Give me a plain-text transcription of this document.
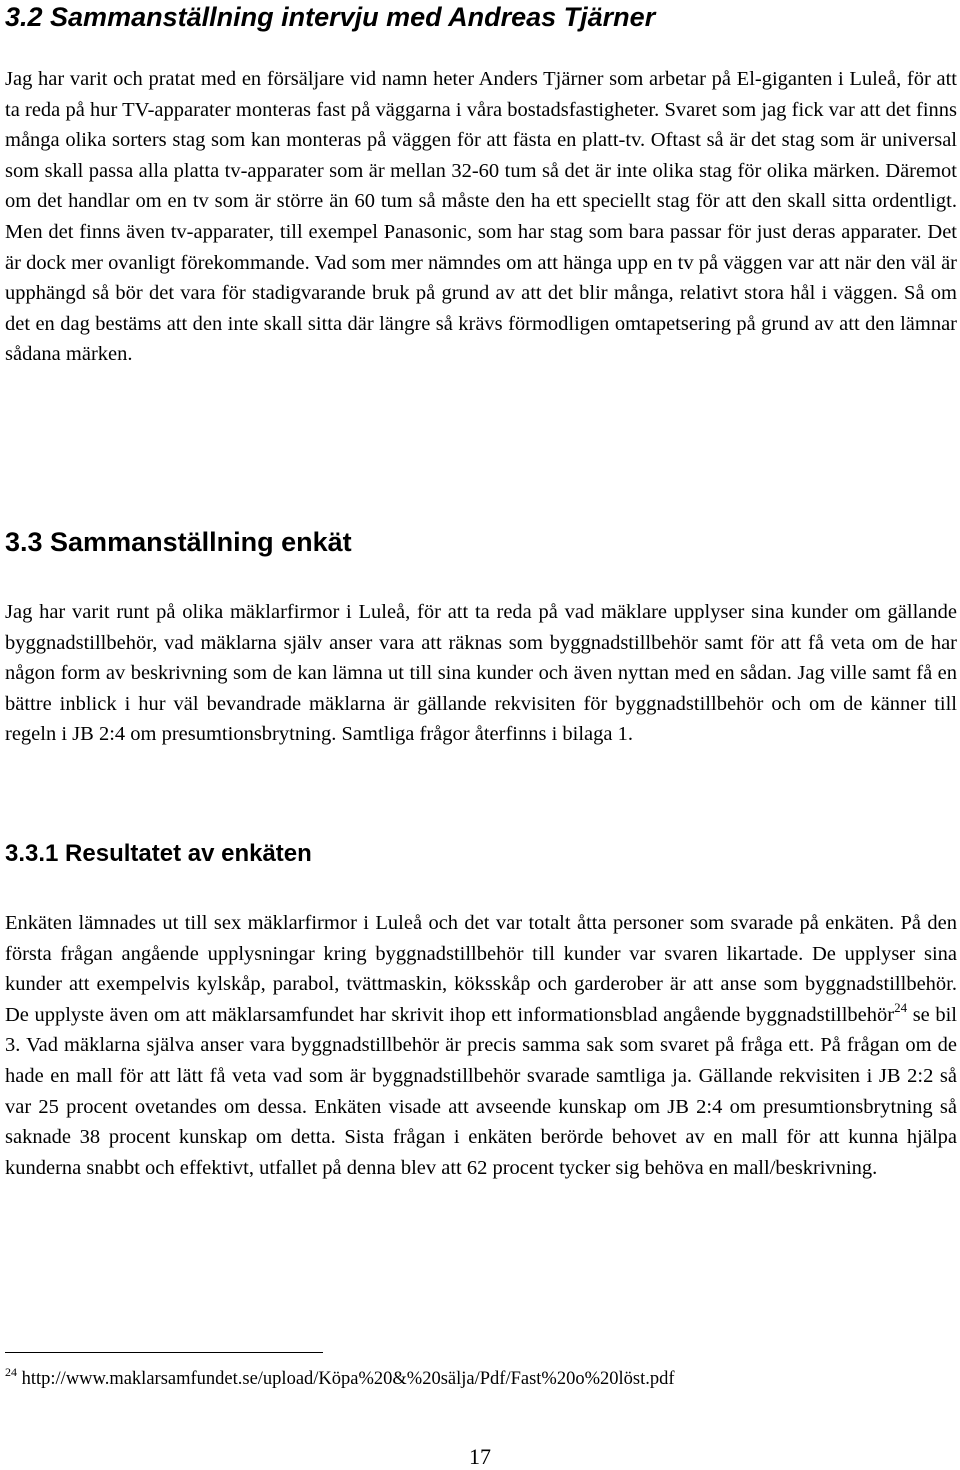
3.2 Sammanställning intervju med Andreas Tjärner

Jag har varit och pratat med en försäljare vid namn heter Anders Tjärner som arbetar på El-giganten i Luleå, för att ta reda på hur TV-apparater monteras fast på väggarna i våra bostadsfastigheter. Svaret som jag fick var att det finns många olika sorters stag som kan monteras på väggen för att fästa en platt-tv. Oftast så är det stag som är universal som skall passa alla platta tv-apparater som är mellan 32-60 tum så det är inte olika stag för olika märken. Däremot om det handlar om en tv som är större än 60 tum så måste den ha ett speciellt stag för att den skall sitta ordentligt. Men det finns även tv-apparater, till exempel Panasonic, som har stag som bara passar för just deras apparater. Det är dock mer ovanligt förekommande. Vad som mer nämndes om att hänga upp en tv på väggen var att när den väl är upphängd så bör det vara för stadigvarande bruk på grund av att det blir många, relativt stora hål i väggen. Så om det en dag bestäms att den inte skall sitta där längre så krävs förmodligen omtapetsering på grund av att den lämnar sådana märken.

3.3 Sammanställning enkät

Jag har varit runt på olika mäklarfirmor i Luleå, för att ta reda på vad mäklare upplyser sina kunder om gällande byggnadstillbehör, vad mäklarna själv anser vara att räknas som byggnadstillbehör samt för att få veta om de har någon form av beskrivning som de kan lämna ut till sina kunder och även nyttan med en sådan. Jag ville samt få en bättre inblick i hur väl bevandrade mäklarna är gällande rekvisiten för byggnadstillbehör och om de känner till regeln i JB 2:4 om presumtionsbrytning. Samtliga frågor återfinns i bilaga 1.

3.3.1 Resultatet av enkäten

Enkäten lämnades ut till sex mäklarfirmor i Luleå och det var totalt åtta personer som svarade på enkäten. På den första frågan angående upplysningar kring byggnadstillbehör till kunder var svaren likartade. De upplyser sina kunder att exempelvis kylskåp, parabol, tvättmaskin, köksskåp och garderober är att anse som byggnadstillbehör. De upplyste även om att mäklarsamfundet har skrivit ihop ett informationsblad angående byggnadstillbehör$^{24}$ se bil 3. Vad mäklarna själva anser vara byggnadstillbehör är precis samma sak som svaret på fråga ett. På frågan om de hade en mall för att lätt få veta vad som är byggnadstillbehör svarade samtliga ja. Gällande rekvisiten i JB 2:2 så var 25 procent ovetandes om dessa. Enkäten visade att avseende kunskap om JB 2:4 om presumtionsbrytning så saknade 38 procent kunskap om detta. Sista frågan i enkäten berörde behovet av en mall för att kunna hjälpa kunderna snabbt och effektivt, utfallet på denna blev att 62 procent tycker sig behöva en mall/beskrivning.

$^{24}$ http://www.maklarsamfundet.se/upload/Köpa%20&%20sälja/Pdf/Fast%20o%20löst.pdf
17
